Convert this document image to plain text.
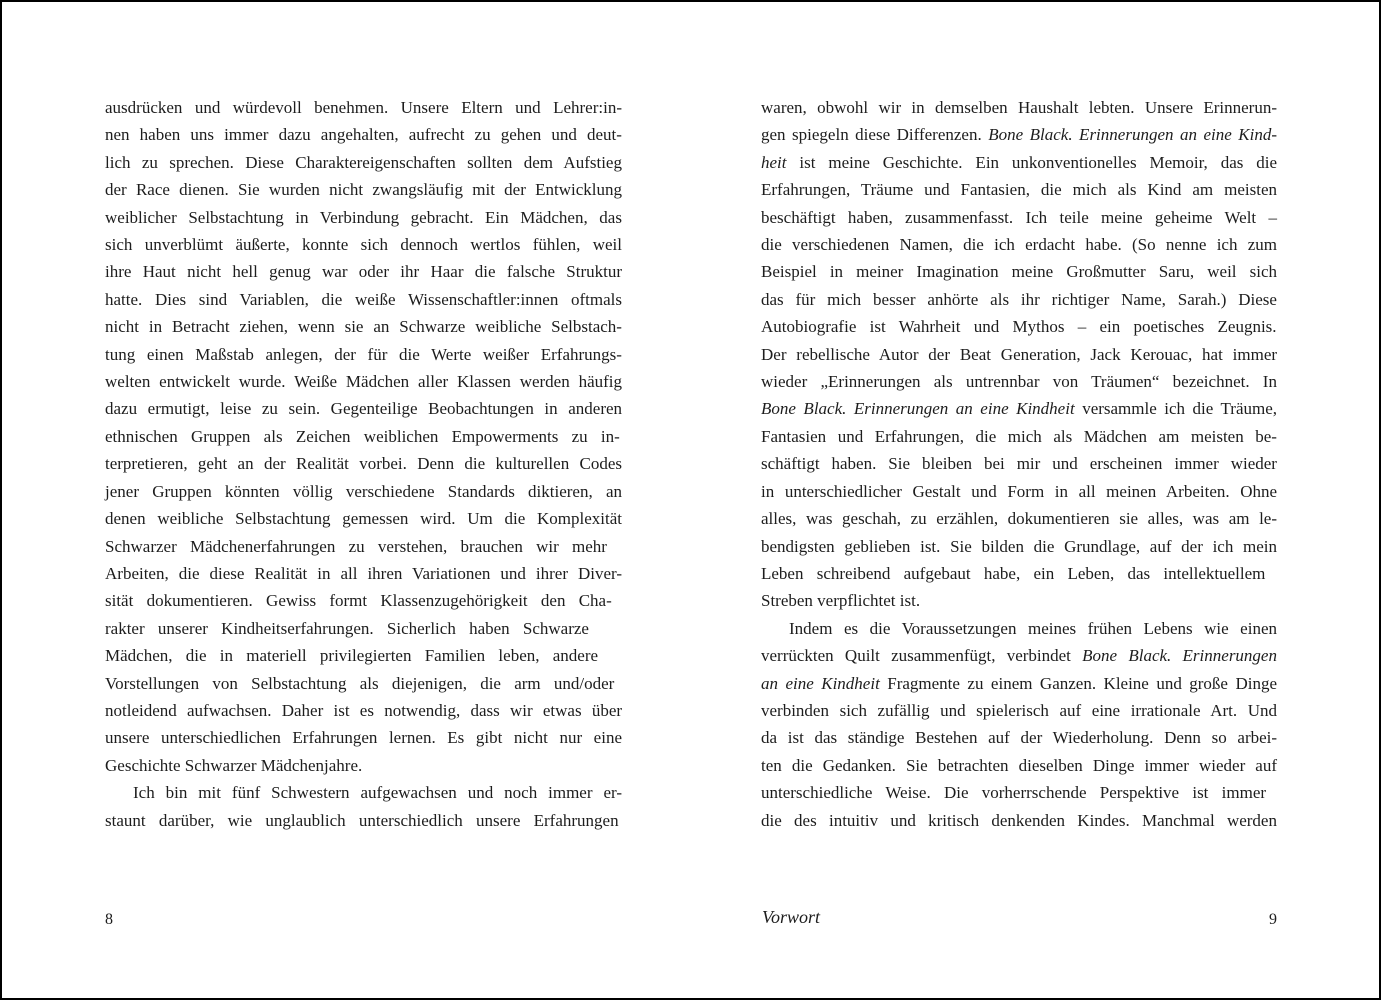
ausdrücken und würdevoll benehmen. Unsere Eltern und Lehrer:in-
nen haben uns immer dazu angehalten, aufrecht zu gehen und deut-
lich zu sprechen. Diese Charaktereigenschaften sollten dem Aufstieg
der Race dienen. Sie wurden nicht zwangsläufig mit der Entwicklung
weiblicher Selbstachtung in Verbindung gebracht. Ein Mädchen, das
sich unverblümt äußerte, konnte sich dennoch wertlos fühlen, weil
ihre Haut nicht hell genug war oder ihr Haar die falsche Struktur
hatte. Dies sind Variablen, die weiße Wissenschaftler:innen oftmals
nicht in Betracht ziehen, wenn sie an Schwarze weibliche Selbstach-
tung einen Maßstab anlegen, der für die Werte weißer Erfahrungs-
welten entwickelt wurde. Weiße Mädchen aller Klassen werden häufig
dazu ermutigt, leise zu sein. Gegenteilige Beobachtungen in anderen
ethnischen Gruppen als Zeichen weiblichen Empowerments zu in-
terpretieren, geht an der Realität vorbei. Denn die kulturellen Codes
jener Gruppen könnten völlig verschiedene Standards diktieren, an
denen weibliche Selbstachtung gemessen wird. Um die Komplexität
Schwarzer Mädchenerfahrungen zu verstehen, brauchen wir mehr
Arbeiten, die diese Realität in all ihren Variationen und ihrer Diver-
sität dokumentieren. Gewiss formt Klassenzugehörigkeit den Cha-
rakter unserer Kindheitserfahrungen. Sicherlich haben Schwarze
Mädchen, die in materiell privilegierten Familien leben, andere
Vorstellungen von Selbstachtung als diejenigen, die arm und/oder
notleidend aufwachsen. Daher ist es notwendig, dass wir etwas über
unsere unterschiedlichen Erfahrungen lernen. Es gibt nicht nur eine
Geschichte Schwarzer Mädchenjahre.
Ich bin mit fünf Schwestern aufgewachsen und noch immer er-
staunt darüber, wie unglaublich unterschiedlich unsere Erfahrungen
waren, obwohl wir in demselben Haushalt lebten. Unsere Erinnerun-
gen spiegeln diese Differenzen. Bone Black. Erinnerungen an eine Kind-
heit ist meine Geschichte. Ein unkonventionelles Memoir, das die
Erfahrungen, Träume und Fantasien, die mich als Kind am meisten
beschäftigt haben, zusammenfasst. Ich teile meine geheime Welt –
die verschiedenen Namen, die ich erdacht habe. (So nenne ich zum
Beispiel in meiner Imagination meine Großmutter Saru, weil sich
das für mich besser anhörte als ihr richtiger Name, Sarah.) Diese
Autobiografie ist Wahrheit und Mythos – ein poetisches Zeugnis.
Der rebellische Autor der Beat Generation, Jack Kerouac, hat immer
wieder „Erinnerungen als untrennbar von Träumen“ bezeichnet. In
Bone Black. Erinnerungen an eine Kindheit versammle ich die Träume,
Fantasien und Erfahrungen, die mich als Mädchen am meisten be-
schäftigt haben. Sie bleiben bei mir und erscheinen immer wieder
in unterschiedlicher Gestalt und Form in all meinen Arbeiten. Ohne
alles, was geschah, zu erzählen, dokumentieren sie alles, was am le-
bendigsten geblieben ist. Sie bilden die Grundlage, auf der ich mein
Leben schreibend aufgebaut habe, ein Leben, das intellektuellem
Streben verpflichtet ist.
Indem es die Voraussetzungen meines frühen Lebens wie einen
verrückten Quilt zusammenfügt, verbindet Bone Black. Erinnerungen
an eine Kindheit Fragmente zu einem Ganzen. Kleine und große Dinge
verbinden sich zufällig und spielerisch auf eine irrationale Art. Und
da ist das ständige Bestehen auf der Wiederholung. Denn so arbei-
ten die Gedanken. Sie betrachten dieselben Dinge immer wieder auf
unterschiedliche Weise. Die vorherrschende Perspektive ist immer
die des intuitiv und kritisch denkenden Kindes. Manchmal werden
8	Vorwort	9
